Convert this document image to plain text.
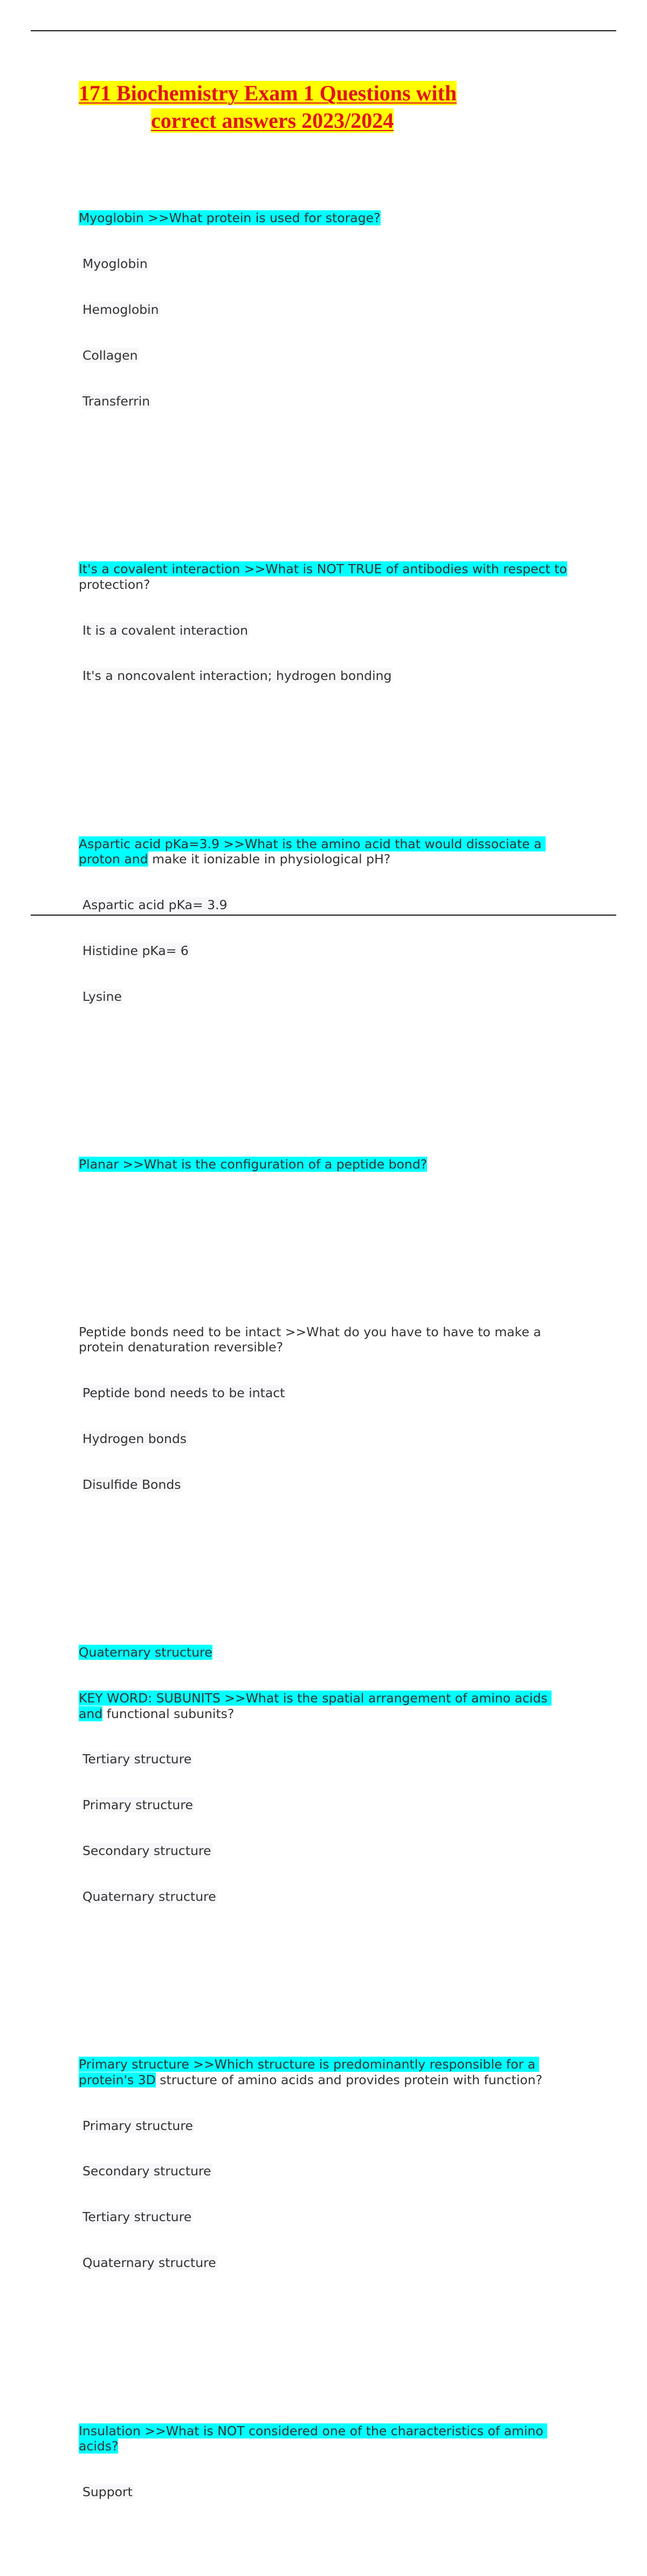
171 Biochemistry Exam 1 Questions with
correct answers 2023/2024

Myoglobin >>What protein is used for storage?

Myoglobin

Hemoglobin

Collagen

Transferrin

It's a covalent interaction >>What is NOT TRUE of antibodies with respect to protection?

It is a covalent interaction

It's a noncovalent interaction; hydrogen bonding

Aspartic acid pKa=3.9 >>What is the amino acid that would dissociate a proton and make it ionizable in physiological pH?

Aspartic acid pKa= 3.9

Histidine pKa= 6

Lysine

Planar >>What is the configuration of a peptide bond?

Peptide bonds need to be intact >>What do you have to have to make a protein denaturation reversible?

Peptide bond needs to be intact

Hydrogen bonds

Disulfide Bonds

Quaternary structure

KEY WORD: SUBUNITS >>What is the spatial arrangement of amino acids and functional subunits?

Tertiary structure

Primary structure

Secondary structure

Quaternary structure

Primary structure >>Which structure is predominantly responsible for a protein's 3D structure of amino acids and provides protein with function?

Primary structure

Secondary structure

Tertiary structure

Quaternary structure

Insulation >>What is NOT considered one of the characteristics of amino acids?

Support
